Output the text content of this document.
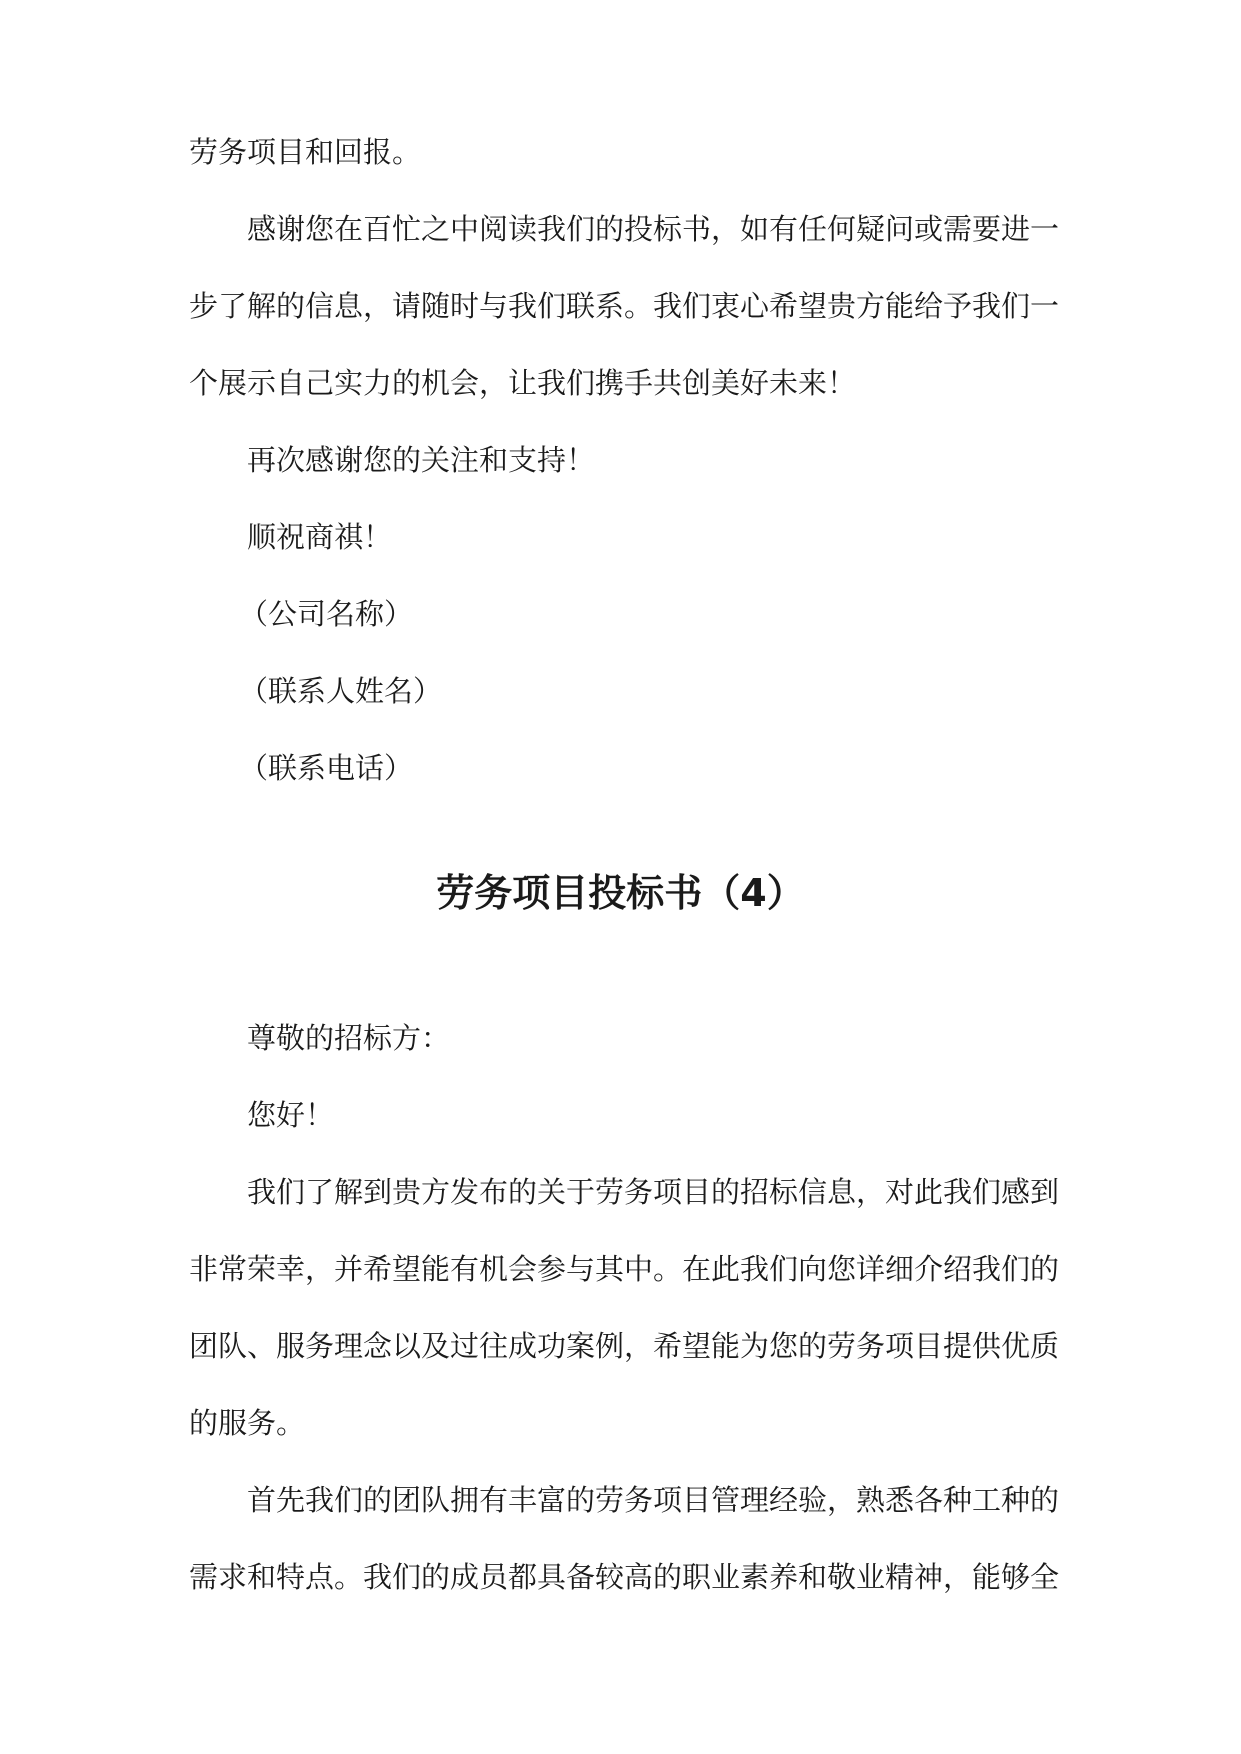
劳务项目和回报。

感谢您在百忙之中阅读我们的投标书，如有任何疑问或需要进一步了解的信息，请随时与我们联系。我们衷心希望贵方能给予我们一个展示自己实力的机会，让我们携手共创美好未来！

再次感谢您的关注和支持！

顺祝商祺！

（公司名称）

（联系人姓名）

（联系电话）

劳务项目投标书（4）

尊敬的招标方：

您好！

我们了解到贵方发布的关于劳务项目的招标信息，对此我们感到非常荣幸，并希望能有机会参与其中。在此我们向您详细介绍我们的团队、服务理念以及过往成功案例，希望能为您的劳务项目提供优质的服务。

首先我们的团队拥有丰富的劳务项目管理经验，熟悉各种工种的需求和特点。我们的成员都具备较高的职业素养和敬业精神，能够全
